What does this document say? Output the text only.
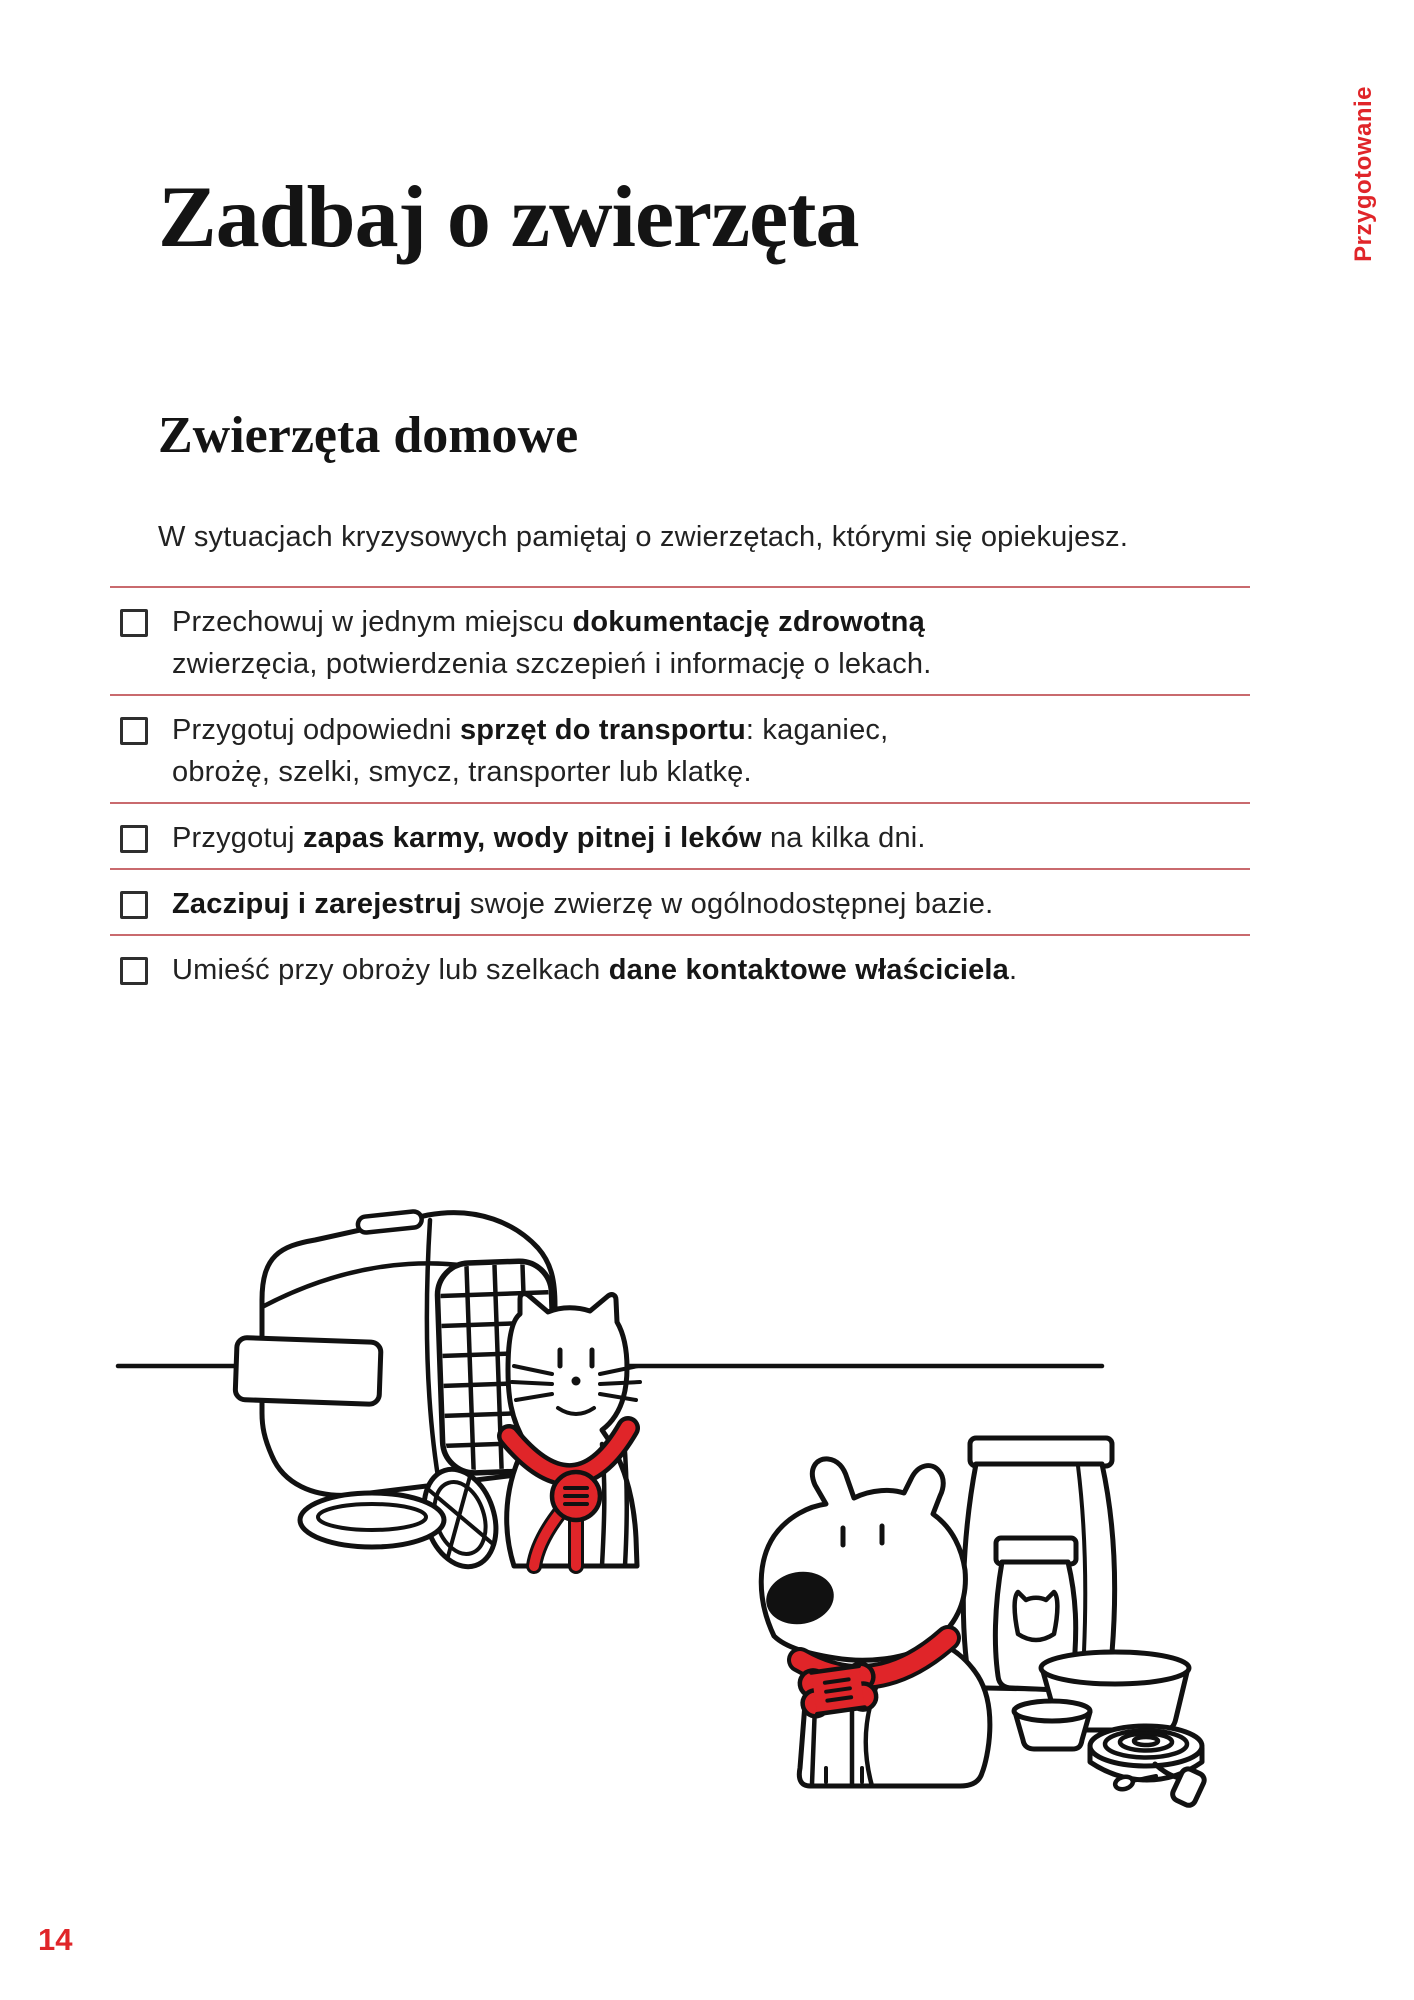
Przygotowanie
Zadbaj o zwierzęta
Zwierzęta domowe

W sytuacjach kryzysowych pamiętaj o zwierzętach, którymi się opiekujesz.

Przechowuj w jednym miejscu dokumentację zdrowotną
zwierzęcia, potwierdzenia szczepień i informację o lekach.
Przygotuj odpowiedni sprzęt do transportu: kaganiec,
obrożę, szelki, smycz, transporter lub klatkę.
Przygotuj zapas karmy, wody pitnej i leków na kilka dni.
Zaczipuj i zarejestruj swoje zwierzę w ogólnodostępnej bazie.
Umieść przy obroży lub szelkach dane kontaktowe właściciela.
14
